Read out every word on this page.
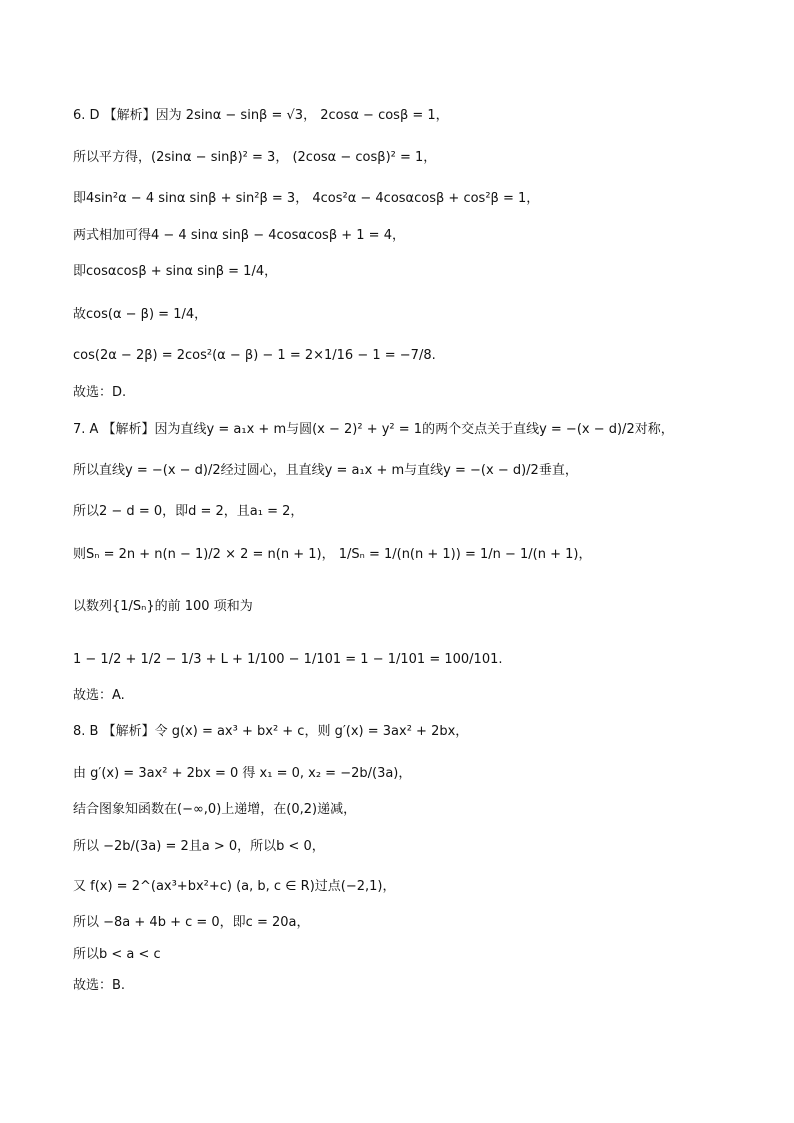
6. D 【解析】因为 2sinα − sinβ = √3， 2cosα − cosβ = 1，
所以平方得，(2sinα − sinβ)² = 3， (2cosα − cosβ)² = 1，
即4sin²α − 4 sinα sinβ + sin²β = 3， 4cos²α − 4cosαcosβ + cos²β = 1，
两式相加可得4 − 4 sinα sinβ − 4cosαcosβ + 1 = 4，
即cosαcosβ + sinα sinβ = 1/4，
故cos(α − β) = 1/4，
cos(2α − 2β) = 2cos²(α − β) − 1 = 2×1/16 − 1 = −7/8.
故选：D.
7. A 【解析】因为直线y = a₁x + m与圆(x − 2)² + y² = 1的两个交点关于直线y = −(x − d)/2对称，
所以直线y = −(x − d)/2经过圆心，且直线y = a₁x + m与直线y = −(x − d)/2垂直，
所以2 − d = 0，即d = 2，且a₁ = 2，
则Sₙ = 2n + n(n − 1)/2 × 2 = n(n + 1)， 1/Sₙ = 1/(n(n + 1)) = 1/n − 1/(n + 1)，
以数列{1/Sₙ}的前 100 项和为
1 − 1/2 + 1/2 − 1/3 + L + 1/100 − 1/101 = 1 − 1/101 = 100/101.
故选：A.
8. B 【解析】令 g(x) = ax³ + bx² + c，则 g′(x) = 3ax² + 2bx，
由 g′(x) = 3ax² + 2bx = 0 得 x₁ = 0, x₂ = −2b/(3a)，
结合图象知函数在(−∞,0)上递增，在(0,2)递减，
所以 −2b/(3a) = 2且a > 0，所以b < 0，
又 f(x) = 2^(ax³+bx²+c) (a, b, c ∈ R)过点(−2,1)，
所以 −8a + 4b + c = 0，即c = 20a，
所以b < a < c
故选：B.
